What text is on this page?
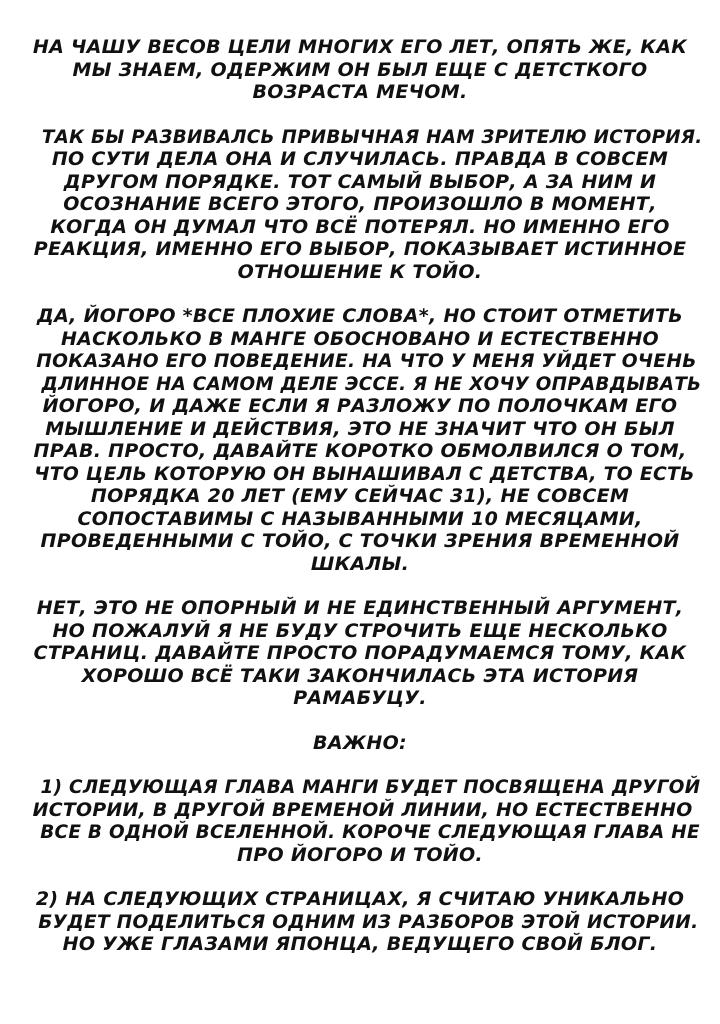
НА ЧАШУ ВЕСОВ ЦЕЛИ МНОГИХ ЕГО ЛЕТ, ОПЯТЬ ЖЕ, КАК
МЫ ЗНАЕМ, ОДЕРЖИМ ОН БЫЛ ЕЩЕ С ДЕТСТКОГО
ВОЗРАСТА МЕЧОМ.
ТАК БЫ РАЗВИВАЛСЬ ПРИВЫЧНАЯ НАМ ЗРИТЕЛЮ ИСТОРИЯ.
ПО СУТИ ДЕЛА ОНА И СЛУЧИЛАСЬ. ПРАВДА В СОВСЕМ
ДРУГОМ ПОРЯДКЕ. ТОТ САМЫЙ ВЫБОР, А ЗА НИМ И
ОСОЗНАНИЕ ВСЕГО ЭТОГО, ПРОИЗОШЛО В МОМЕНТ,
КОГДА ОН ДУМАЛ ЧТО ВСЁ ПОТЕРЯЛ. НО ИМЕННО ЕГО
РЕАКЦИЯ, ИМЕННО ЕГО ВЫБОР, ПОКАЗЫВАЕТ ИСТИННОЕ
ОТНОШЕНИЕ К ТОЙО.
ДА, ЙОГОРО *ВСЕ ПЛОХИЕ СЛОВА*, НО СТОИТ ОТМЕТИТЬ
НАСКОЛЬКО В МАНГЕ ОБОСНОВАНО И ЕСТЕСТВЕННО
ПОКАЗАНО ЕГО ПОВЕДЕНИЕ. НА ЧТО У МЕНЯ УЙДЕТ ОЧЕНЬ
ДЛИННОЕ НА САМОМ ДЕЛЕ ЭССЕ. Я НЕ ХОЧУ ОПРАВДЫВАТЬ
ЙОГОРО, И ДАЖЕ ЕСЛИ Я РАЗЛОЖУ ПО ПОЛОЧКАМ ЕГО
МЫШЛЕНИЕ И ДЕЙСТВИЯ, ЭТО НЕ ЗНАЧИТ ЧТО ОН БЫЛ
ПРАВ. ПРОСТО, ДАВАЙТЕ КОРОТКО ОБМОЛВИЛСЯ О ТОМ,
ЧТО ЦЕЛЬ КОТОРУЮ ОН ВЫНАШИВАЛ С ДЕТСТВА, ТО ЕСТЬ
ПОРЯДКА 20 ЛЕТ (ЕМУ СЕЙЧАС 31), НЕ СОВСЕМ
СОПОСТАВИМЫ С НАЗЫВАННЫМИ 10 МЕСЯЦАМИ,
ПРОВЕДЕННЫМИ С ТОЙО, С ТОЧКИ ЗРЕНИЯ ВРЕМЕННОЙ
ШКАЛЫ.
НЕТ, ЭТО НЕ ОПОРНЫЙ И НЕ ЕДИНСТВЕННЫЙ АРГУМЕНТ,
НО ПОЖАЛУЙ Я НЕ БУДУ СТРОЧИТЬ ЕЩЕ НЕСКОЛЬКО
СТРАНИЦ. ДАВАЙТЕ ПРОСТО ПОРАДУМАЕМСЯ ТОМУ, КАК
ХОРОШО ВСЁ ТАКИ ЗАКОНЧИЛАСЬ ЭТА ИСТОРИЯ
РАМАБУЦУ.
ВАЖНО:
1) СЛЕДУЮЩАЯ ГЛАВА МАНГИ БУДЕТ ПОСВЯЩЕНА ДРУГОЙ
ИСТОРИИ, В ДРУГОЙ ВРЕМЕНОЙ ЛИНИИ, НО ЕСТЕСТВЕННО
ВСЕ В ОДНОЙ ВСЕЛЕННОЙ. КОРОЧЕ СЛЕДУЮЩАЯ ГЛАВА НЕ
ПРО ЙОГОРО И ТОЙО.
2) НА СЛЕДУЮЩИХ СТРАНИЦАХ, Я СЧИТАЮ УНИКАЛЬНО
БУДЕТ ПОДЕЛИТЬСЯ ОДНИМ ИЗ РАЗБОРОВ ЭТОЙ ИСТОРИИ.
НО УЖЕ ГЛАЗАМИ ЯПОНЦА, ВЕДУЩЕГО СВОЙ БЛОГ.
